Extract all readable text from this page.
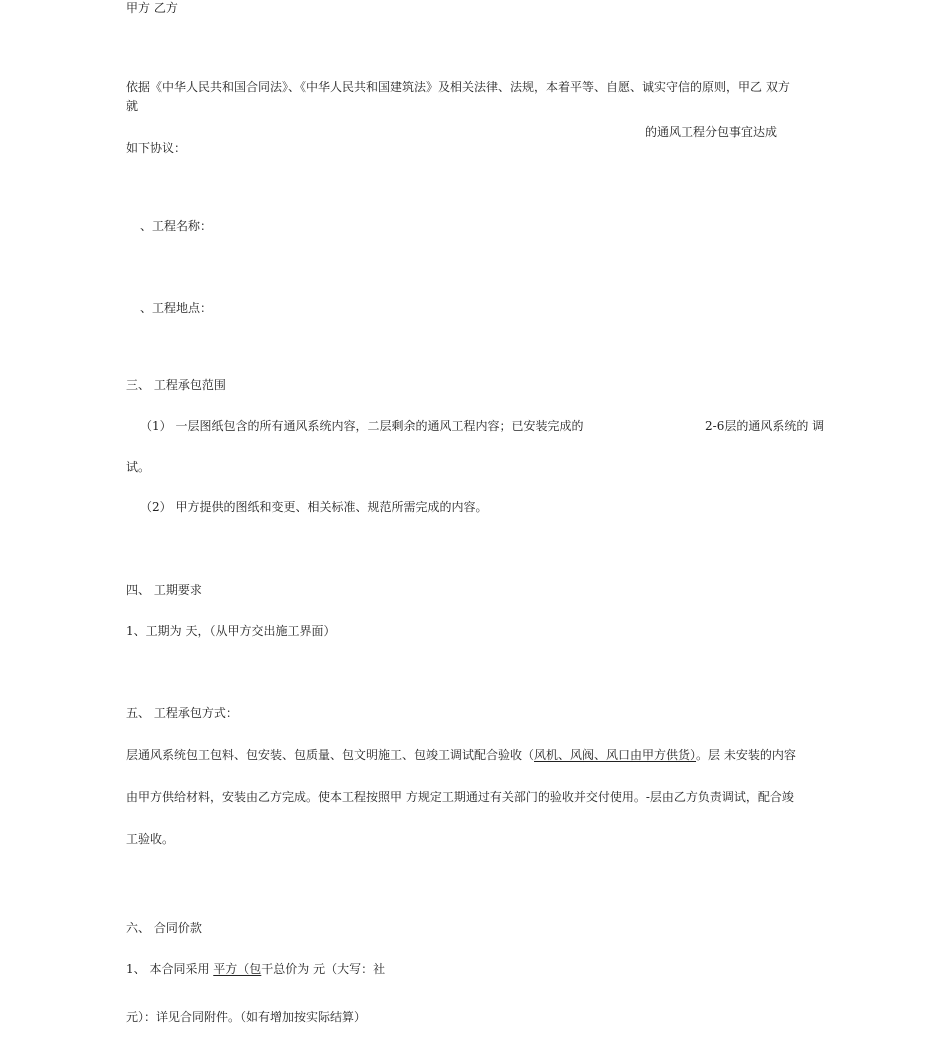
甲方 乙方
依据《中华人民共和国合同法》、《中华人民共和国建筑法》及相关法律、法规，本着平等、自愿、诚实守信的原则，甲乙 双方
就
的通风工程分包事宜达成
如下协议：
、工程名称：
、工程地点：
三、 工程承包范围
（1） 一层图纸包含的所有通风系统内容，二层剩余的通风工程内容；已安装完成的	2-6层的通风系统的 调
试。
（2） 甲方提供的图纸和变更、相关标准、规范所需完成的内容。
四、 工期要求
1、工期为 天，（从甲方交出施工界面）
五、 工程承包方式：
层通风系统包工包料、包安装、包质量、包文明施工、包竣工调试配合验收（风机、风阀、风口由甲方供货）。层 未安装的内容
由甲方供给材料，安装由乙方完成。使本工程按照甲 方规定工期通过有关部门的验收并交付使用。-层由乙方负责调试，配合竣
工验收。
六、 合同价款
1、 本合同采用 平方（包干总价为 元（大写：社
元）：详见合同附件。（如有增加按实际结算）
